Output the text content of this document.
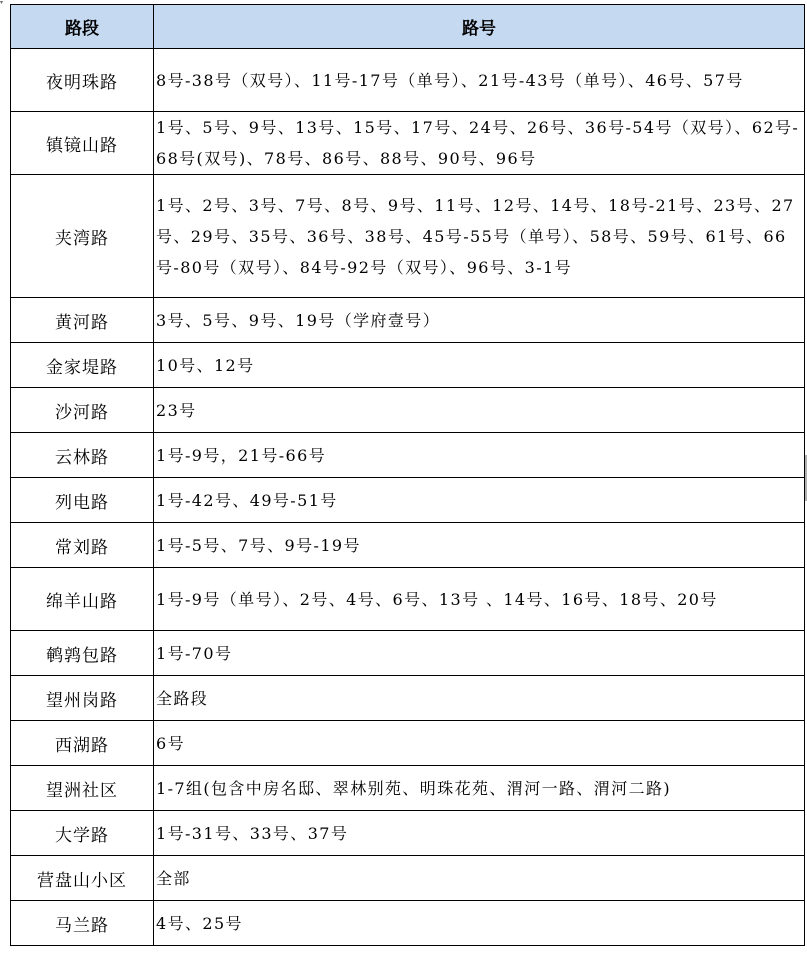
▾
路段	路号
夜明珠路	8号-38号（双号）、11号-17号（单号）、21号-43号（单号）、46号、57号
镇镜山路	1号、5号、9号、13号、15号、17号、24号、26号、36号-54号（双号）、62号-68号(双号)、78号、86号、88号、90号、96号
夹湾路	1号、2号、3号、7号、8号、9号、11号、12号、14号、18号-21号、23号、27号、29号、35号、36号、38号、45号-55号（单号）、58号、59号、61号、66号-80号（双号）、84号-92号（双号）、96号、3-1号
黄河路	3号、5号、9号、19号（学府壹号）
金家堤路	10号、12号
沙河路	23号
云林路	1号-9号，21号-66号
列电路	1号-42号、49号-51号
常刘路	1号-5号、7号、9号-19号
绵羊山路	1号-9号（单号）、2号、4号、6号、13号 、14号、16号、18号、20号
鹌鹑包路	1号-70号
望州岗路	全路段
西湖路	6号
望洲社区	1-7组(包含中房名邸、翠林别苑、明珠花苑、渭河一路、渭河二路)
大学路	1号-31号、33号、37号
营盘山小区	全部
马兰路	4号、25号
